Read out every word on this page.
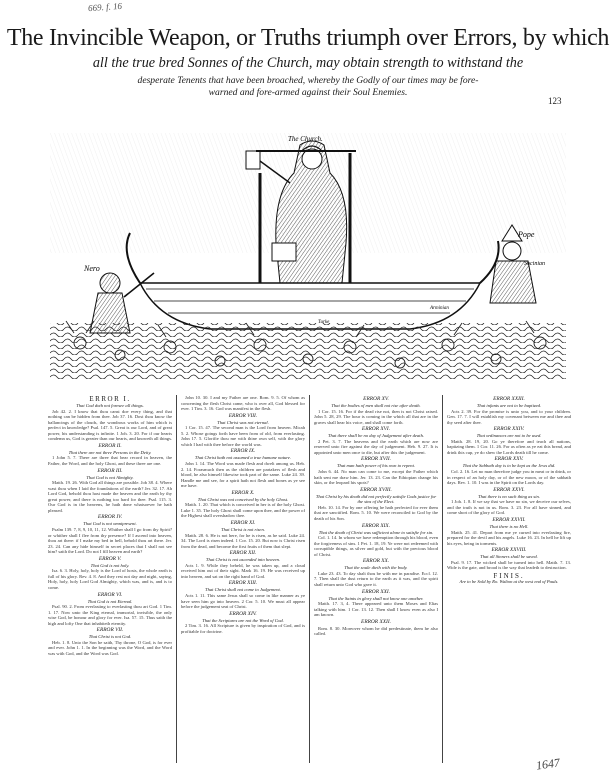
669. f. 16
123
The Invincible Weapon, or Truths triumph over Errors, by which
all the true bred Sonnes of the Church, may obtain strength to withstand the
desperate Tenents that have been broached, whereby the Godly of our times may be fore-
warned and fore-armed against their Soul Enemies.
The Church.
Nero
Pope
Socinian
Arminian
Turke
ERROR I.
That God doth not foresee all things.

Job 42. 2. I know that thou canst doe every thing, and that nothing can be hidden from thee. Job 37. 16. Dost thou know the ballancings of the clouds, the wondrous works of him which is perfect in knowledge? Psal. 147. 5. Great is our Lord, and of great power, his understanding is infinite. 1 Joh. 3. 20. For if our hearts condemn us, God is greater than our hearts, and knoweth all things.

ERROR II.
That there are not three Persons in the Deity.

1 John 5. 7. There are three that bear record in heaven, the Father, the Word, and the holy Ghost, and these three are one.

ERROR III.
That God is not Almighty.

Matth. 19. 26. With God all things are possible. Job 38. 4. Where wast thou when I laid the foundations of the earth? Jer. 32. 17. Ah Lord God, behold thou hast made the heaven and the earth by thy great power, and there is nothing too hard for thee. Psal. 115. 3. Our God is in the heavens, he hath done whatsoever he hath pleased.

ERROR IV.
That God is not omnipresent.

Psalm 139. 7, 8, 9, 10, 11, 12. Whither shall I go from thy Spirit? or whither shall I flee from thy presence? If I ascend into heaven, thou art there: if I make my bed in hell, behold thou art there. Jer. 23. 24. Can any hide himself in secret places that I shall not see him? saith the Lord. Do not I fill heaven and earth?

ERROR V.
That God is not holy.

Isa. 6. 3. Holy, holy, holy is the Lord of hosts, the whole earth is full of his glory. Rev. 4. 8. And they rest not day and night, saying, Holy, holy, holy Lord God Almighty, which was, and is, and is to come.

ERROR VI.
That God is not Eternal.

Psal. 90. 2. From everlasting to everlasting thou art God. 1 Tim. 1. 17. Now unto the King eternal, immortal, invisible, the only wise God, be honour and glory for ever. Isa. 57. 15. Thus saith the high and lofty One that inhabiteth eternity.

ERROR VII.
That Christ is not God.

Heb. 1. 8. Unto the Son he saith, Thy throne, O God, is for ever and ever. John 1. 1. In the beginning was the Word, and the Word was with God, and the Word was God.

John 10. 30. I and my Father are one. Rom. 9. 5. Of whom as concerning the flesh Christ came, who is over all, God blessed for ever. 1 Tim. 3. 16. God was manifest in the flesh.

ERROR VIII.
That Christ was not eternal.

1 Cor. 15. 47. The second man is the Lord from heaven. Micah 5. 2. Whose goings forth have been from of old, from everlasting. John 17. 5. Glorifie thou me with thine own self, with the glory which I had with thee before the world was.

ERROR IX.
That Christ hath not assumed a true humane nature.

John 1. 14. The Word was made flesh and dwelt among us. Heb. 2. 14. Forasmuch then as the children are partakers of flesh and blood, he also himself likewise took part of the same. Luke 24. 39. Handle me and see, for a spirit hath not flesh and bones as ye see me have.

ERROR X.
That Christ was not conceived by the holy Ghost.

Matth. 1. 20. That which is conceived in her is of the holy Ghost. Luke 1. 35. The holy Ghost shall come upon thee, and the power of the Highest shall overshadow thee.

ERROR XI.
That Christ is not risen.

Matth. 28. 6. He is not here, for he is risen, as he said. Luke 24. 34. The Lord is risen indeed. 1 Cor. 15. 20. But now is Christ risen from the dead, and become the first fruits of them that slept.

ERROR XII.
That Christ is not ascended into heaven.

Acts 1. 9. While they beheld, he was taken up, and a cloud received him out of their sight. Mark 16. 19. He was received up into heaven, and sat on the right hand of God.

ERROR XIII.
That Christ shall not come to Judgement.

Acts 1. 11. This same Jesus shall so come in like manner as ye have seen him go into heaven. 2 Cor. 5. 10. We must all appear before the judgement seat of Christ.

ERROR XIV.
That the Scriptures are not the Word of God.

2 Tim. 3. 16. All Scripture is given by inspiration of God, and is profitable for doctrine.

ERROR XV.
That the bodies of men shall not rise after death.

1 Cor. 15. 16. For if the dead rise not, then is not Christ raised. John 5. 28, 29. The hour is coming in the which all that are in the graves shall hear his voice, and shall come forth.

ERROR XVI.
That there shall be no day of Judgement after death.

2 Pet. 3. 7. The heavens and the earth which are now are reserved unto fire against the day of judgement. Heb. 9. 27. It is appointed unto men once to die, but after this the judgement.

ERROR XVII.
That man hath power of his own to repent.

John 6. 44. No man can come to me, except the Father which hath sent me draw him. Jer. 13. 23. Can the Ethiopian change his skin, or the leopard his spots?

ERROR XVIII.
That Christ by his death did not perfectly satisfie Gods justice for the sins of the Elect.

Heb. 10. 14. For by one offering he hath perfected for ever them that are sanctified. Rom. 5. 10. We were reconciled to God by the death of his Son.

ERROR XIX.
That the death of Christ was sufficient alone to satisfie for sin.

Col. 1. 14. In whom we have redemption through his blood, even the forgiveness of sins. 1 Pet. 1. 18, 19. Ye were not redeemed with corruptible things, as silver and gold, but with the precious blood of Christ.

ERROR XX.
That the soule dieth with the body.

Luke 23. 43. To day shalt thou be with me in paradise. Eccl. 12. 7. Then shall the dust return to the earth as it was, and the spirit shall return unto God who gave it.

ERROR XXI.
That the Saints in glory shall not know one another.

Matth. 17. 3, 4. There appeared unto them Moses and Elias talking with him. 1 Cor. 13. 12. Then shall I know even as also I am known.

ERROR XXII.

Rom. 8. 30. Moreover whom he did predestinate, them he also called.

ERROR XXIII.
That infants are not to be baptized.

Acts 2. 39. For the promise is unto you, and to your children. Gen. 17. 7. I will establish my covenant between me and thee and thy seed after thee.

ERROR XXIV.
That ordinances are not to be used.

Matth. 28. 19, 20. Go ye therefore and teach all nations, baptizing them. 1 Cor. 11. 26. For as often as ye eat this bread, and drink this cup, ye do shew the Lords death till he come.

ERROR XXV.
That the Sabbath day is to be kept as the Jews did.

Col. 2. 16. Let no man therefore judge you in meat or in drink, or in respect of an holy day, or of the new moon, or of the sabbath days. Rev. 1. 10. I was in the Spirit on the Lords day.

ERROR XXVI.
That there is no such thing as sin.

1 Joh. 1. 8. If we say that we have no sin, we deceive our selves, and the truth is not in us. Rom. 3. 23. For all have sinned, and come short of the glory of God.

ERROR XXVII.
That there is no Hell.

Matth. 25. 41. Depart from me ye cursed into everlasting fire, prepared for the devil and his angels. Luke 16. 23. In hell he lift up his eyes, being in torments.

ERROR XXVIII.
That all Sinners shall be saved.

Psal. 9. 17. The wicked shall be turned into hell. Matth. 7. 13. Wide is the gate, and broad is the way that leadeth to destruction.

FINIS.
Are to be Sold by Ro. Walton at the west end of Pauls.
1647
